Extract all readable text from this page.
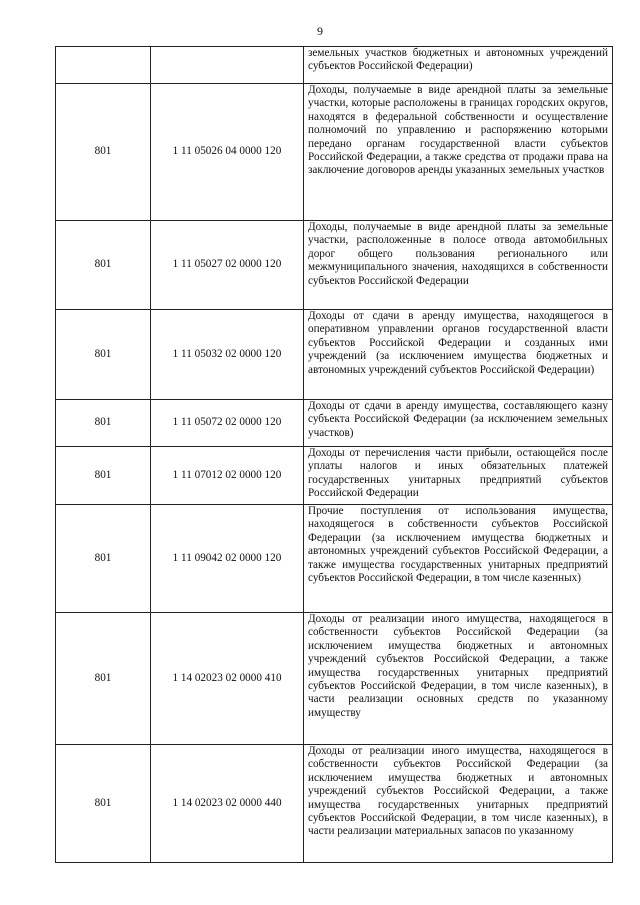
9
		земельных участков бюджетных и автономных учреждений субъектов Российской Федерации)
801	1 11 05026 04 0000 120	Доходы, получаемые в виде арендной платы за земельные участки, которые расположены в границах городских округов, находятся в федеральной собственности и осуществление полномочий по управлению и распоряжению которыми передано органам государственной власти субъектов Российской Федерации, а также средства от продажи права на заключение договоров аренды указанных земельных участков
801	1 11 05027 02 0000 120	Доходы, получаемые в виде арендной платы за земельные участки, расположенные в полосе отвода автомобильных дорог общего пользования регионального или межмуниципального значения, находящихся в собственности субъектов Российской Федерации
801	1 11 05032 02 0000 120	Доходы от сдачи в аренду имущества, находящегося в оперативном управлении органов государственной власти субъектов Российской Федерации и созданных ими учреждений (за исключением имущества бюджетных и автономных учреждений субъектов Российской Федерации)
801	1 11 05072 02 0000 120	Доходы от сдачи в аренду имущества, составляющего казну субъекта Российской Федерации (за исключением земельных участков)
801	1 11 07012 02 0000 120	Доходы от перечисления части прибыли, остающейся после уплаты налогов и иных обязательных платежей государственных унитарных предприятий субъектов Российской Федерации
801	1 11 09042 02 0000 120	Прочие поступления от использования имущества, находящегося в собственности субъектов Российской Федерации (за исключением имущества бюджетных и автономных учреждений субъектов Российской Федерации, а также имущества государственных унитарных предприятий субъектов Российской Федерации, в том числе казенных)
801	1 14 02023 02 0000 410	Доходы от реализации иного имущества, находящегося в собственности субъектов Российской Федерации (за исключением имущества бюджетных и автономных учреждений субъектов Российской Федерации, а также имущества государственных унитарных предприятий субъектов Российской Федерации, в том числе казенных), в части реализации основных средств по указанному имуществу
801	1 14 02023 02 0000 440	Доходы от реализации иного имущества, находящегося в собственности субъектов Российской Федерации (за исключением имущества бюджетных и автономных учреждений субъектов Российской Федерации, а также имущества государственных унитарных предприятий субъектов Российской Федерации, в том числе казенных), в части реализации материальных запасов по указанному
